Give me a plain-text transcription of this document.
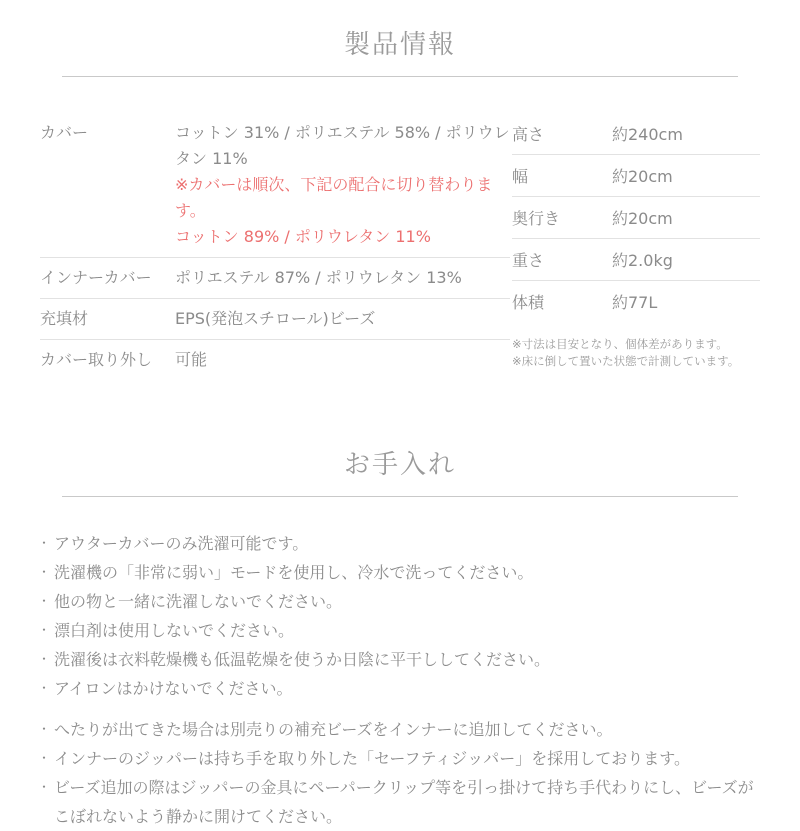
製品情報
カバー	コットン 31% / ポリエステル 58% / ポリウレタン 11%
※カバーは順次、下記の配合に切り替わります。
コットン 89% / ポリウレタン 11%
インナーカバー	ポリエステル 87% / ポリウレタン 13%
充填材	EPS(発泡スチロール)ビーズ
カバー取り外し	可能
高さ	約240cm
幅	約20cm
奥行き	約20cm
重さ	約2.0kg
体積	約77L
※寸法は目安となり、個体差があります。
※床に倒して置いた状態で計測しています。
お手入れ
・ アウターカバーのみ洗濯可能です。
・ 洗濯機の「非常に弱い」モードを使用し、冷水で洗ってください。
・ 他の物と一緒に洗濯しないでください。
・ 漂白剤は使用しないでください。
・ 洗濯後は衣料乾燥機も低温乾燥を使うか日陰に平干ししてください。
・ アイロンはかけないでください。
・ へたりが出てきた場合は別売りの補充ビーズをインナーに追加してください。
・ インナーのジッパーは持ち手を取り外した「セーフティジッパー」を採用しております。
・ ビーズ追加の際はジッパーの金具にペーパークリップ等を引っ掛けて持ち手代わりにし、ビーズがこぼれないよう静かに開けてください。
